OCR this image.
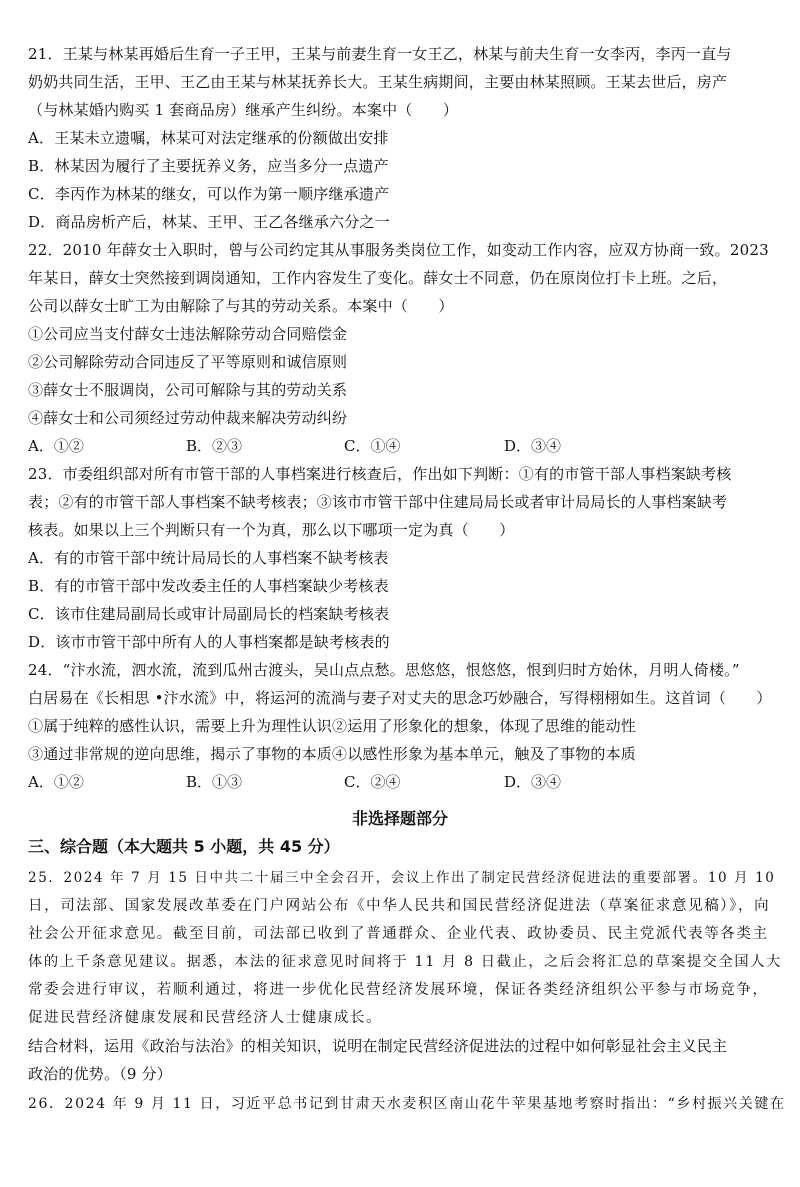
21．王某与林某再婚后生育一子王甲，王某与前妻生育一女王乙，林某与前夫生育一女李丙，李丙一直与
奶奶共同生活，王甲、王乙由王某与林某抚养长大。王某生病期间，主要由林某照顾。王某去世后，房产
（与林某婚内购买 1 套商品房）继承产生纠纷。本案中（　　）
A．王某未立遗嘱，林某可对法定继承的份额做出安排
B．林某因为履行了主要抚养义务，应当多分一点遗产
C．李丙作为林某的继女，可以作为第一顺序继承遗产
D．商品房析产后，林某、王甲、王乙各继承六分之一
22．2010 年薛女士入职时，曾与公司约定其从事服务类岗位工作，如变动工作内容，应双方协商一致。2023
年某日，薛女士突然接到调岗通知，工作内容发生了变化。薛女士不同意，仍在原岗位打卡上班。之后，
公司以薛女士旷工为由解除了与其的劳动关系。本案中（　　）
①公司应当支付薛女士违法解除劳动合同赔偿金
②公司解除劳动合同违反了平等原则和诚信原则
③薛女士不服调岗，公司可解除与其的劳动关系
④薛女士和公司须经过劳动仲裁来解决劳动纠纷
A．①②	B．②③	C．①④	D．③④
23．市委组织部对所有市管干部的人事档案进行核查后，作出如下判断：①有的市管干部人事档案缺考核
表；②有的市管干部人事档案不缺考核表；③该市市管干部中住建局局长或者审计局局长的人事档案缺考
核表。如果以上三个判断只有一个为真，那么以下哪项一定为真（　　）
A．有的市管干部中统计局局长的人事档案不缺考核表
B．有的市管干部中发改委主任的人事档案缺少考核表
C．该市住建局副局长或审计局副局长的档案缺考核表
D．该市市管干部中所有人的人事档案都是缺考核表的
24．“汴水流，泗水流，流到瓜州古渡头，吴山点点愁。思悠悠，恨悠悠，恨到归时方始休，月明人倚楼。”
白居易在《长相思 •汴水流》中，将运河的流淌与妻子对丈夫的思念巧妙融合，写得栩栩如生。这首词（　　）
①属于纯粹的感性认识，需要上升为理性认识②运用了形象化的想象，体现了思维的能动性
③通过非常规的逆向思维，揭示了事物的本质④以感性形象为基本单元，触及了事物的本质
A．①②	B．①③	C．②④	D．③④
非选择题部分
三、综合题（本大题共 5 小题，共 45 分）
25．2024 年 7 月 15 日中共二十届三中全会召开，会议上作出了制定民营经济促进法的重要部署。10 月 10
日，司法部、国家发展改革委在门户网站公布《中华人民共和国民营经济促进法（草案征求意见稿）》，向
社会公开征求意见。截至目前，司法部已收到了普通群众、企业代表、政协委员、民主党派代表等各类主
体的上千条意见建议。据悉，本法的征求意见时间将于 11 月 8 日截止，之后会将汇总的草案提交全国人大
常委会进行审议，若顺利通过，将进一步优化民营经济发展环境，保证各类经济组织公平参与市场竞争，
促进民营经济健康发展和民营经济人士健康成长。
结合材料，运用《政治与法治》的相关知识，说明在制定民营经济促进法的过程中如何彰显社会主义民主
政治的优势。（9 分）
26．2024 年 9 月 11 日，习近平总书记到甘肃天水麦积区南山花牛苹果基地考察时指出：“乡村振兴关键在
